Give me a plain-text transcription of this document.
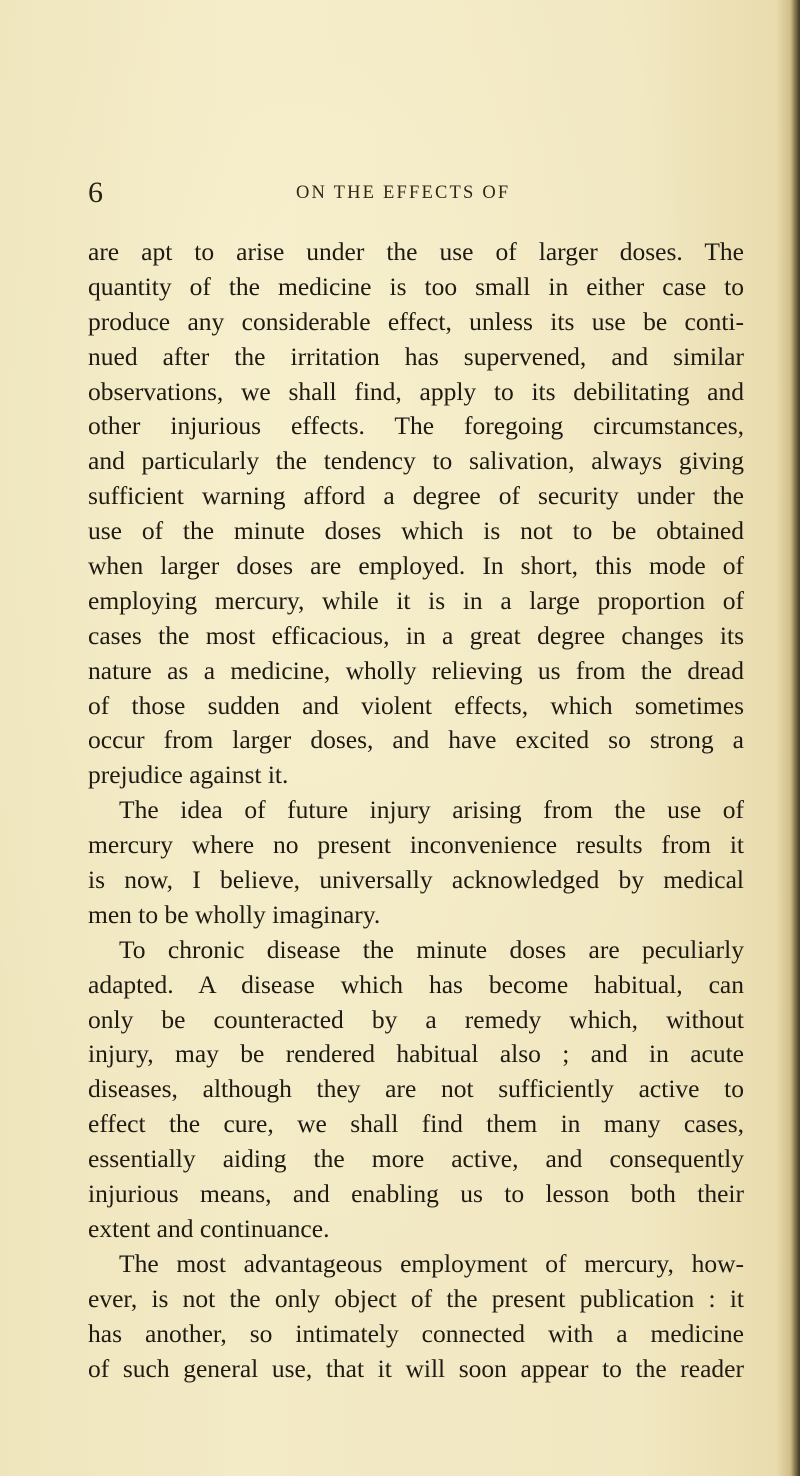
6	ON THE EFFECTS OF
are apt to arise under the use of larger doses. The
quantity of the medicine is too small in either case to
produce any considerable effect, unless its use be conti-
nued after the irritation has supervened, and similar
observations, we shall find, apply to its debilitating and
other injurious effects. The foregoing circumstances,
and particularly the tendency to salivation, always giving
sufficient warning afford a degree of security under the
use of the minute doses which is not to be obtained
when larger doses are employed. In short, this mode of
employing mercury, while it is in a large proportion of
cases the most efficacious, in a great degree changes its
nature as a medicine, wholly relieving us from the dread
of those sudden and violent effects, which sometimes
occur from larger doses, and have excited so strong a
prejudice against it.
The idea of future injury arising from the use of
mercury where no present inconvenience results from it
is now, I believe, universally acknowledged by medical
men to be wholly imaginary.
To chronic disease the minute doses are peculiarly
adapted. A disease which has become habitual, can
only be counteracted by a remedy which, without
injury, may be rendered habitual also ; and in acute
diseases, although they are not sufficiently active to
effect the cure, we shall find them in many cases,
essentially aiding the more active, and consequently
injurious means, and enabling us to lesson both their
extent and continuance.
The most advantageous employment of mercury, how-
ever, is not the only object of the present publication : it
has another, so intimately connected with a medicine
of such general use, that it will soon appear to the reader
